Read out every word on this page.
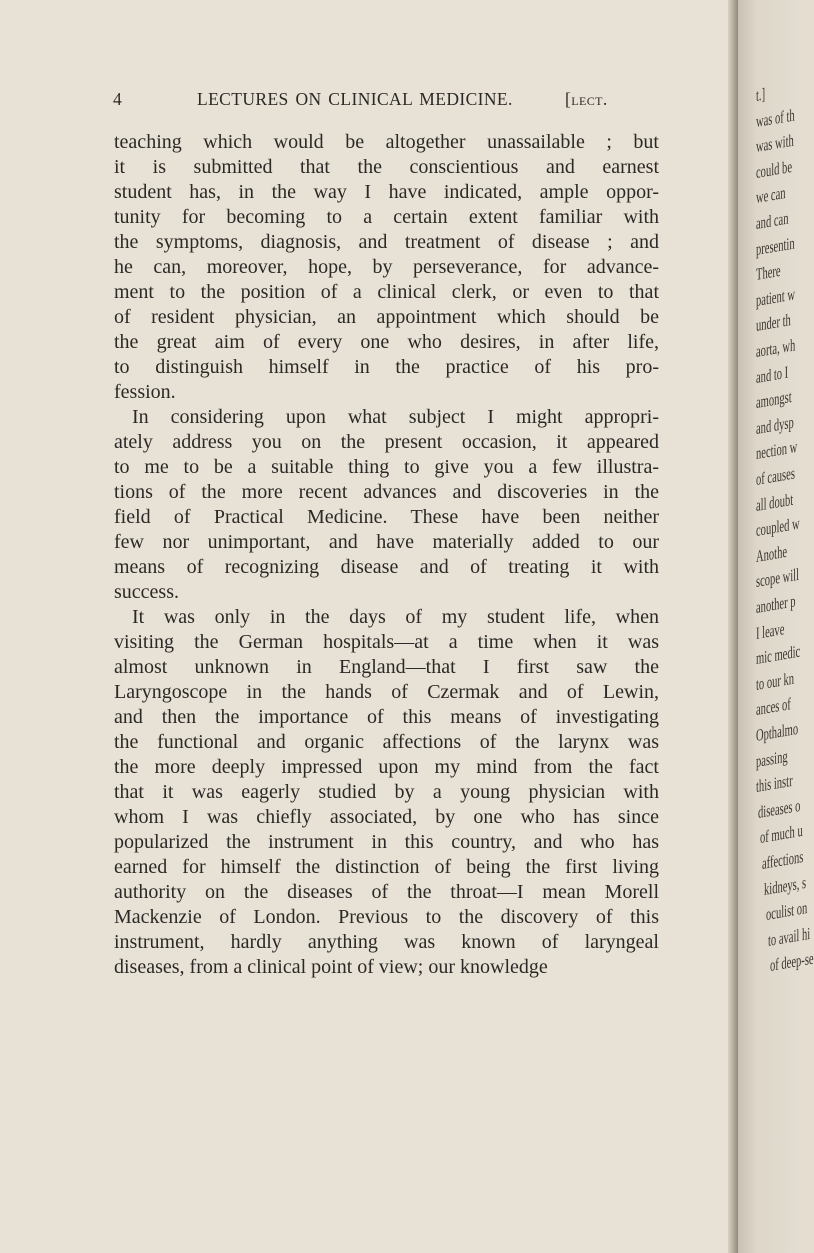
4	LECTURES ON CLINICAL MEDICINE.	[lect.
teaching which would be altogether unassailable ; but
it is submitted that the conscientious and earnest
student has, in the way I have indicated, ample oppor-
tunity for becoming to a certain extent familiar with
the symptoms, diagnosis, and treatment of disease ; and
he can, moreover, hope, by perseverance, for advance-
ment to the position of a clinical clerk, or even to that
of resident physician, an appointment which should be
the great aim of every one who desires, in after life,
to distinguish himself in the practice of his pro-
fession.
In considering upon what subject I might appropri-
ately address you on the present occasion, it appeared
to me to be a suitable thing to give you a few illustra-
tions of the more recent advances and discoveries in the
field of Practical Medicine. These have been neither
few nor unimportant, and have materially added to our
means of recognizing disease and of treating it with
success.
It was only in the days of my student life, when
visiting the German hospitals—at a time when it was
almost unknown in England—that I first saw the
Laryngoscope in the hands of Czermak and of Lewin,
and then the importance of this means of investigating
the functional and organic affections of the larynx was
the more deeply impressed upon my mind from the fact
that it was eagerly studied by a young physician with
whom I was chiefly associated, by one who has since
popularized the instrument in this country, and who has
earned for himself the distinction of being the first living
authority on the diseases of the throat—I mean Morell
Mackenzie of London. Previous to the discovery of this
instrument, hardly anything was known of laryngeal
diseases, from a clinical point of view; our knowledge
t.]
was of th
was with
could be
we can
and can
presentin
There
patient w
under th
aorta, wh
and to I
amongst
and dysp
nection w
of causes
all doubt
coupled w
Anothe
scope will
another p
I leave
mic medic
to our kn
ances of
Opthalmo
passing
this instr
diseases o
of much u
affections
kidneys, s
oculist on
to avail hi
of deep-se
